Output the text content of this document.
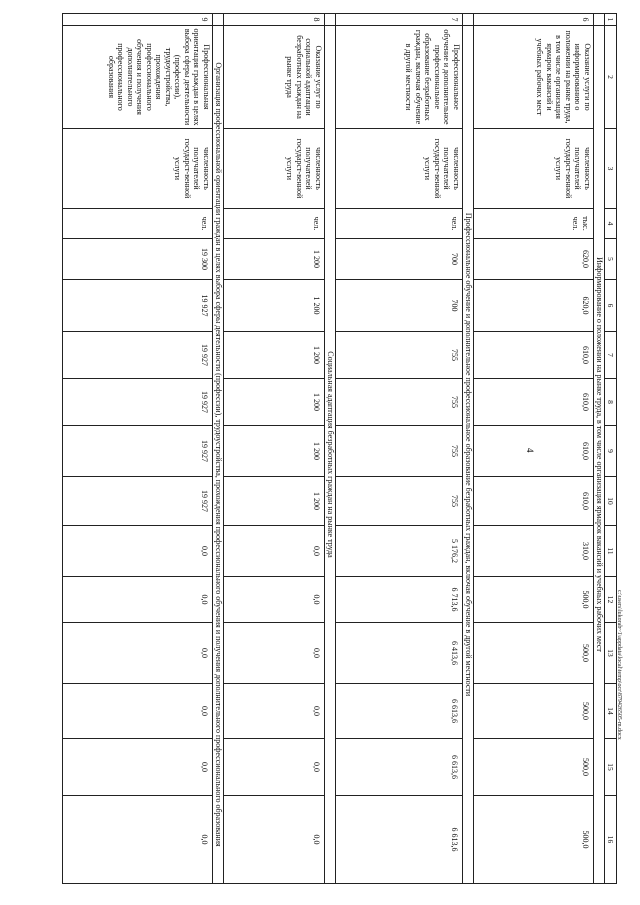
4
1	2	3	4	5	6	7	8	9	10	11	12	13	14	15	16
	Информирование о положении на рынке труда, в том числе организация ярмарок вакансий и учебных рабочих мест														
6	Оказание услуги по информированию о положении на рынке труда, в том числе организация ярмарок вакансий и учебных рабочих мест	численность получателей государст-венной услуги	тыс. чел.	620,0	620,0	610,0	610,0	610,0	610,0	310,0	500,0	500,0	500,0	500,0	500,0
	Профессиональное обучение и дополнительное профессиональное образование безработных граждан, включая обучение в другой местности														
7	Профессиональное обучение и дополнительное профессиональное образование безработных граждан, включая обучение в другой местности	численность получателей государст-венной услуги	чел.	700	700	755	755	755	755	5 176,2	6 713,6	6 413,6	6 613,6	6 613,6	6 613,6
	Социальная адаптация безработных граждан на рынке труда														
8	Оказание услуг по социальной адаптации безработных граждан на рынке труда	численность получателей государст-венной услуги	чел.	1 200	1 200	1 200	1 200	1 200	1 200	0,0	0,0	0,0	0,0	0,0	0,0
	Организация профессиональной ориентации граждан в целях выбора сферы деятельности (профессии), трудоустройства, прохождения профессионального обучения и получения дополнительного профессионального образования														
9	Профессиональная ориентация граждан в целях выбора сферы деятельности (профессии), трудоустройства, прохождения профессионального обучения и получения дополнительного профессионального образования	численность получателей государст-венной услуги	чел.	19 300	19 927	19 927	19 927	19 927	19 927	0,0	0,0	0,0	0,0	0,0	0,0
c:\users\lukorab~1\appdata\local\temp\ocr\879426505-m.docx
